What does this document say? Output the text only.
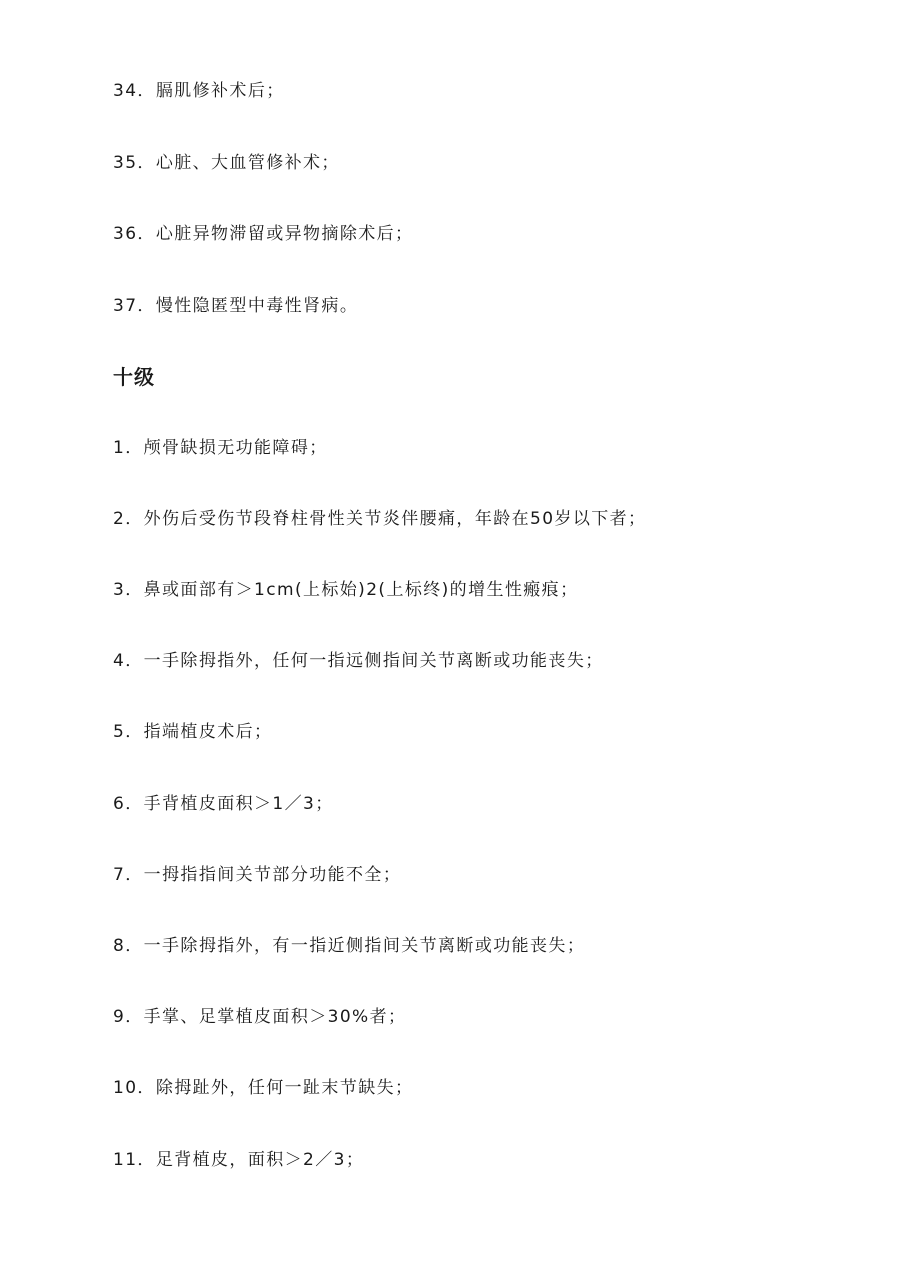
34．膈肌修补术后；
35．心脏、大血管修补术；
36．心脏异物滞留或异物摘除术后；
37．慢性隐匿型中毒性肾病。
十级
1．颅骨缺损无功能障碍；
2．外伤后受伤节段脊柱骨性关节炎伴腰痛，年龄在50岁以下者；
3．鼻或面部有＞1cm(上标始)2(上标终)的增生性瘢痕；
4．一手除拇指外，任何一指远侧指间关节离断或功能丧失；
5．指端植皮术后；
6．手背植皮面积＞1／3；
7．一拇指指间关节部分功能不全；
8．一手除拇指外，有一指近侧指间关节离断或功能丧失；
9．手掌、足掌植皮面积＞30%者；
10．除拇趾外，任何一趾末节缺失；
11．足背植皮，面积＞2／3；
